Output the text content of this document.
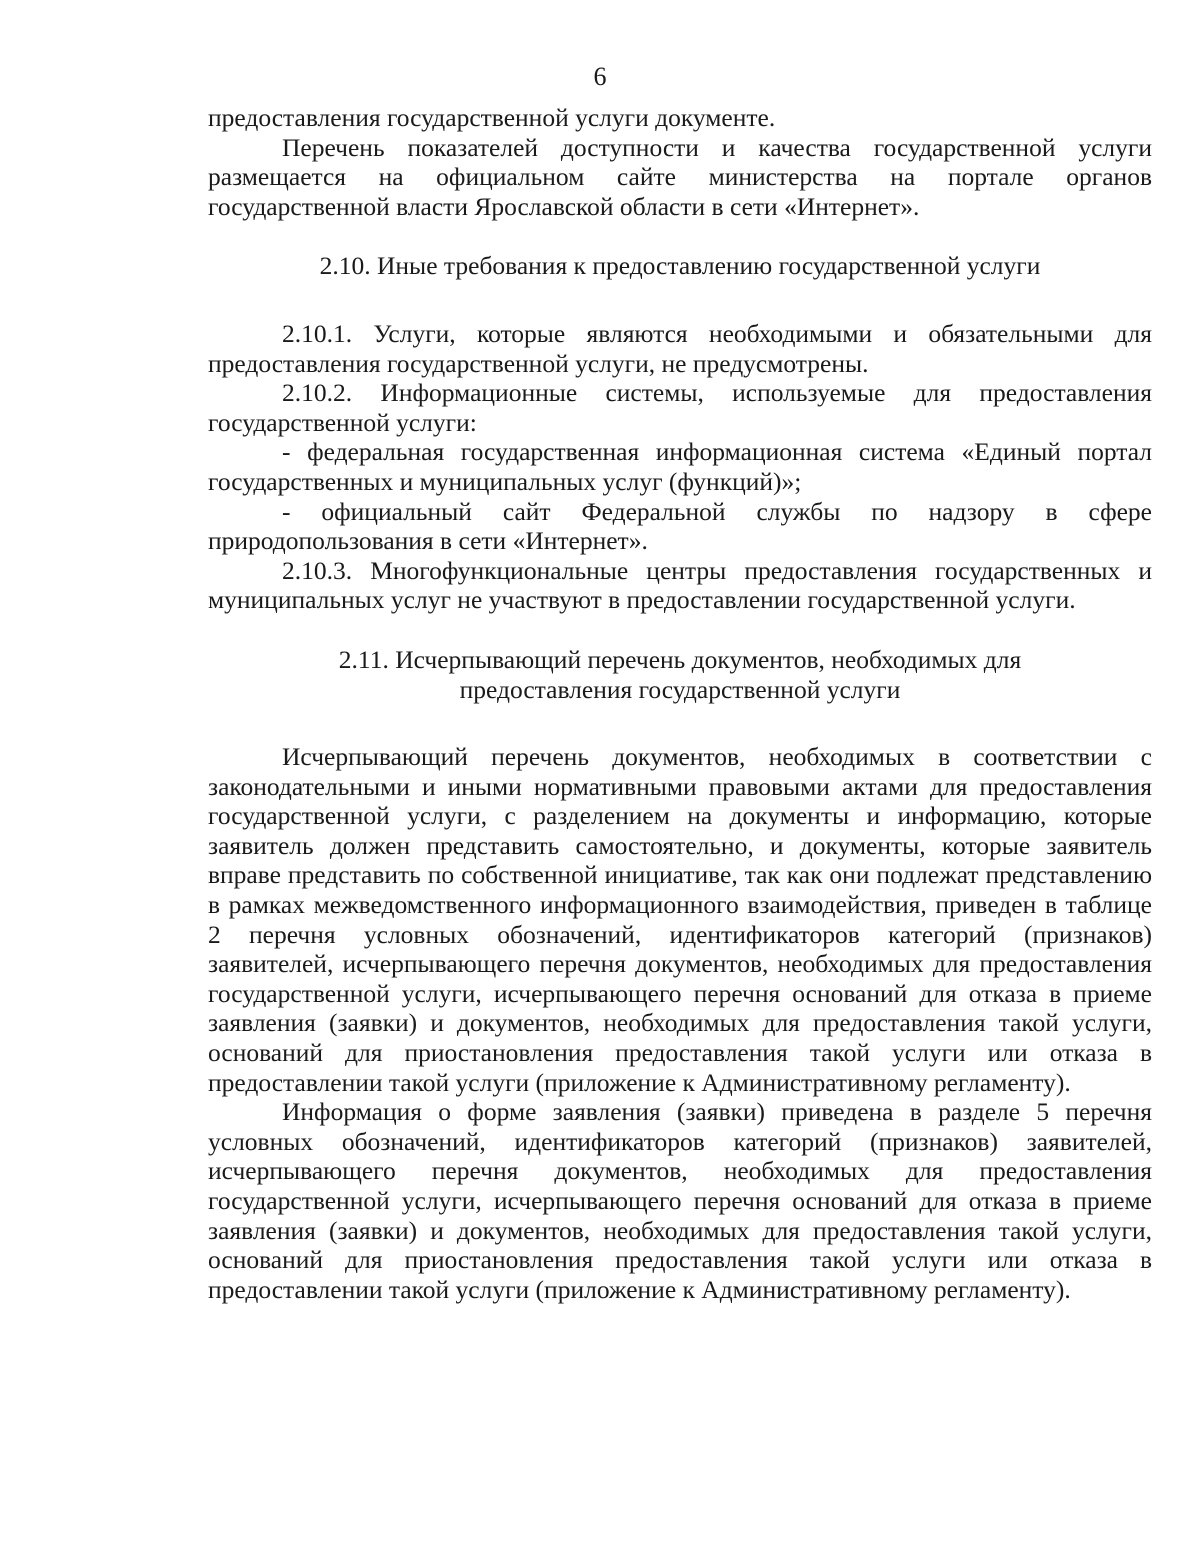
6

предоставления государственной услуги документе.

Перечень показателей доступности и качества государственной услуги размещается на официальном сайте министерства на портале органов государственной власти Ярославской области в сети «Интернет».

2.10. Иные требования к предоставлению государственной услуги

2.10.1. Услуги, которые являются необходимыми и обязательными для предоставления государственной услуги, не предусмотрены.

2.10.2. Информационные системы, используемые для предоставления государственной услуги:

- федеральная государственная информационная система «Единый портал государственных и муниципальных услуг (функций)»;

- официальный сайт Федеральной службы по надзору в сфере природопользования в сети «Интернет».

2.10.3. Многофункциональные центры предоставления государственных и муниципальных услуг не участвуют в предоставлении государственной услуги.

2.11. Исчерпывающий перечень документов, необходимых для
предоставления государственной услуги

Исчерпывающий перечень документов, необходимых в соответствии с законодательными и иными нормативными правовыми актами для предоставления государственной услуги, с разделением на документы и информацию, которые заявитель должен представить самостоятельно, и документы, которые заявитель вправе представить по собственной инициативе, так как они подлежат представлению в рамках межведомственного информационного взаимодействия, приведен в таблице 2 перечня условных обозначений, идентификаторов категорий (признаков) заявителей, исчерпывающего перечня документов, необходимых для предоставления государственной услуги, исчерпывающего перечня оснований для отказа в приеме заявления (заявки) и документов, необходимых для предоставления такой услуги, оснований для приостановления предоставления такой услуги или отказа в предоставлении такой услуги (приложение к Административному регламенту).

Информация о форме заявления (заявки) приведена в разделе 5 перечня условных обозначений, идентификаторов категорий (признаков) заявителей, исчерпывающего перечня документов, необходимых для предоставления государственной услуги, исчерпывающего перечня оснований для отказа в приеме заявления (заявки) и документов, необходимых для предоставления такой услуги, оснований для приостановления предоставления такой услуги или отказа в предоставлении такой услуги (приложение к Административному регламенту).
